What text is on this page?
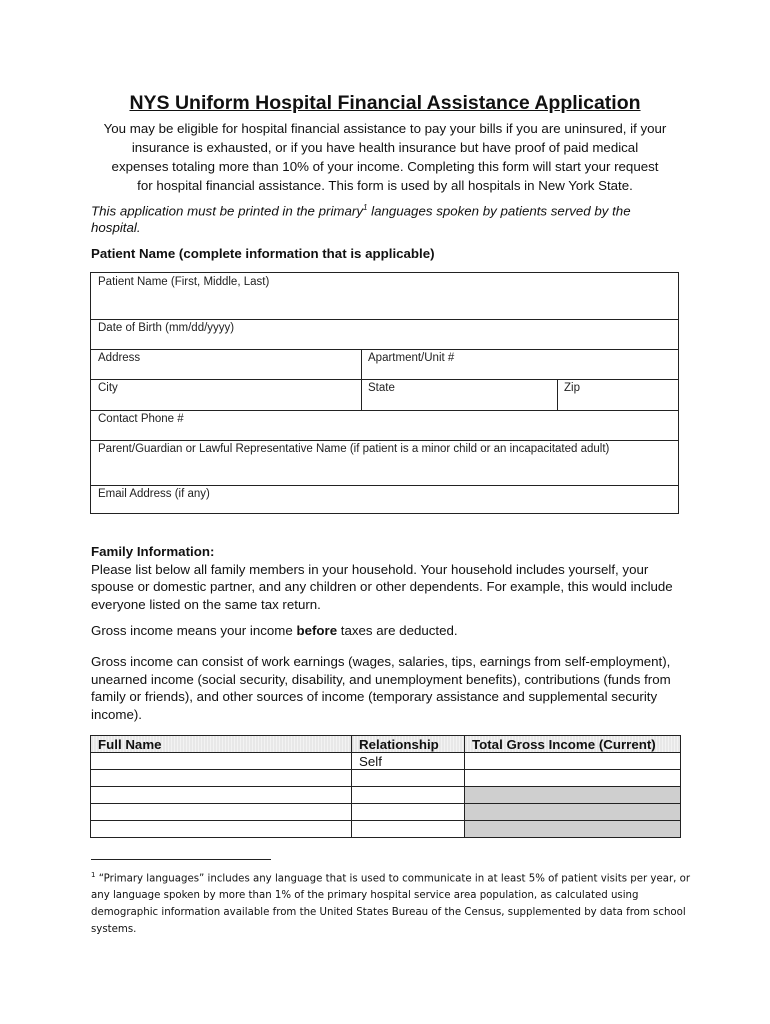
NYS Uniform Hospital Financial Assistance Application
You may be eligible for hospital financial assistance to pay your bills if you are uninsured, if your
insurance is exhausted, or if you have health insurance but have proof of paid medical
expenses totaling more than 10% of your income. Completing this form will start your request
for hospital financial assistance. This form is used by all hospitals in New York State.
This application must be printed in the primary$^1$ languages spoken by patients served by the hospital.
Patient Name (complete information that is applicable)
Patient Name (First, Middle, Last)
Date of Birth (mm/dd/yyyy)
Address	Apartment/Unit #
City	State	Zip
Contact Phone #
Parent/Guardian or Lawful Representative Name (if patient is a minor child or an incapacitated adult)
Email Address (if any)
Family Information:
Please list below all family members in your household. Your household includes yourself, your spouse or domestic partner, and any children or other dependents. For example, this would include everyone listed on the same tax return.
Gross income means your income before taxes are deducted.
Gross income can consist of work earnings (wages, salaries, tips, earnings from self-employment), unearned income (social security, disability, and unemployment benefits), contributions (funds from family or friends), and other sources of income (temporary assistance and supplemental security income).
Full Name	Relationship	Total Gross Income (Current)
	Self	

$^1$ “Primary languages” includes any language that is used to communicate in at least 5% of patient visits per year, or any language spoken by more than 1% of the primary hospital service area population, as calculated using demographic information available from the United States Bureau of the Census, supplemented by data from school systems.
